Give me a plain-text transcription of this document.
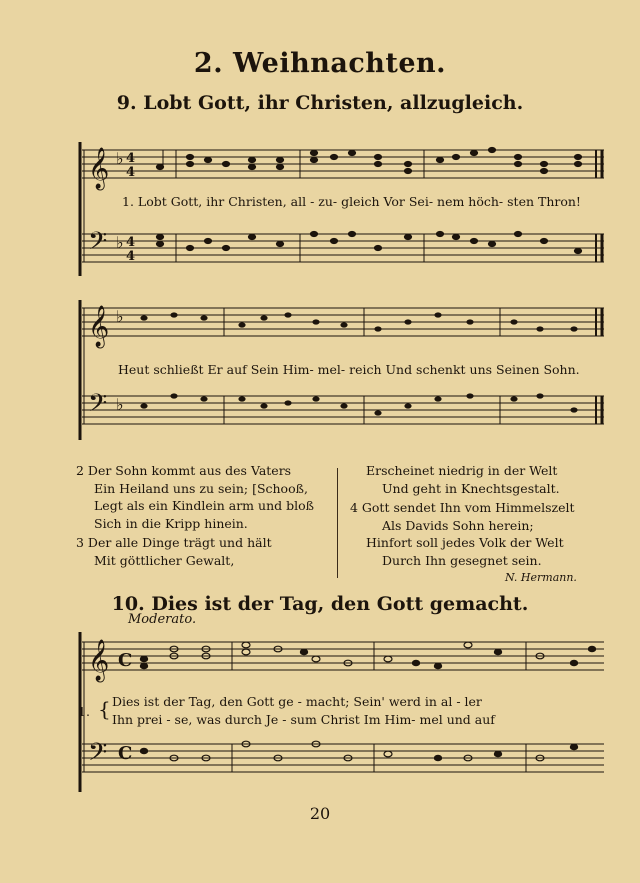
2. Weihnachten.
9. Lobt Gott, ihr Christen, allzugleich.
𝄞
𝄢
♭
♭
4
4
4
4
1. Lobt Gott, ihr Christen, all - zu- gleich Vor Sei- nem höch- sten Thron!
𝄞
𝄢
♭
♭
Heut schließt Er auf Sein Him- mel- reich Und schenkt uns Seinen Sohn.
2 Der Sohn kommt aus des Vaters
Ein Heiland uns zu sein; [Schooß,
Legt als ein Kindlein arm und bloß
Sich in die Kripp hinein.
3 Der alle Dinge trägt und hält
Mit göttlicher Gewalt,
Erscheinet niedrig in der Welt
Und geht in Knechtsgestalt.
4 Gott sendet Ihn vom Himmelszelt
Als Davids Sohn herein;
Hinfort soll jedes Volk der Welt
Durch Ihn gesegnet sein.
N. Hermann.
10. Dies ist der Tag, den Gott gemacht.
Moderato.
𝄞
𝄢
C
C
{
1.
Dies ist der Tag, den Gott ge - macht; Sein' werd in al - ler
Ihn prei - se, was durch Je - sum Christ Im Him- mel und auf
20
